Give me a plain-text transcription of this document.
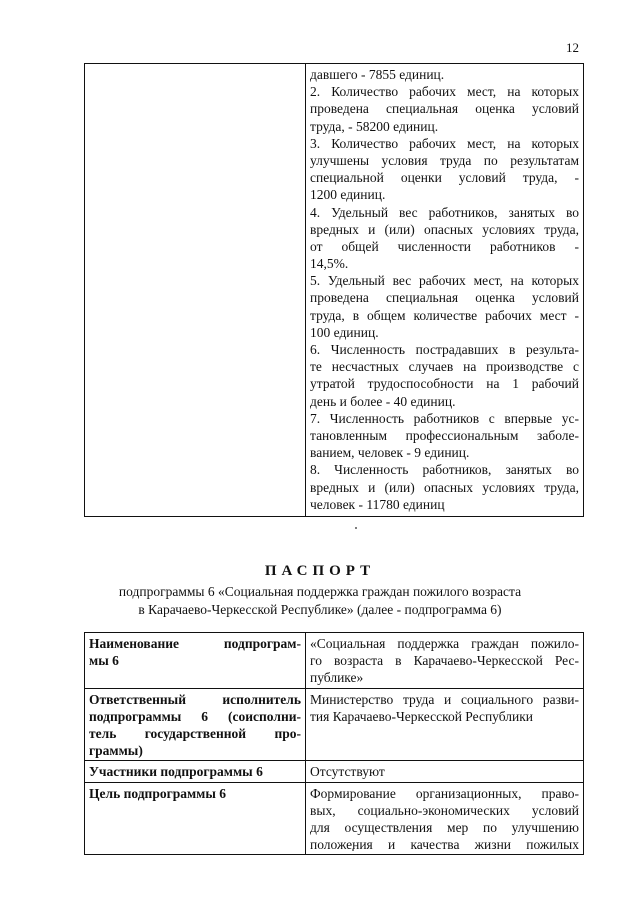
12

давшего - 7855 единиц.
2. Количество рабочих мест, на которых
проведена специальная оценка условий
труда, - 58200 единиц.
3. Количество рабочих мест, на которых
улучшены условия труда по результатам
специальной оценки условий труда, -
1200 единиц.
4. Удельный вес работников, занятых во
вредных и (или) опасных условиях труда,
от общей численности работников -
14,5%.
5. Удельный вес рабочих мест, на которых
проведена специальная оценка условий
труда, в общем количестве рабочих мест -
100 единиц.
6. Численность пострадавших в результа-
те несчастных случаев на производстве с
утратой трудоспособности на 1 рабочий
день и более - 40 единиц.
7. Численность работников с впервые ус-
тановленным профессиональным заболе-
ванием, человек - 9 единиц.
8. Численность работников, занятых во
вредных и (или) опасных условиях труда,
человек - 11780 единиц
ПАСПОРТ
подпрограммы 6 «Социальная поддержка граждан пожилого возраста
в Карачаево-Черкесской Республике» (далее - подпрограмма 6)
Наименование подпрограм-
мы 6	«Социальная поддержка граждан пожило-
го возраста в Карачаево-Черкесской Рес-
публике»

Ответственный исполнитель
подпрограммы 6 (соисполни-
тель государственной про-
граммы)	Министерство труда и социального разви-
тия Карачаево-Черкесской Республики

Участники подпрограммы 6	Отсутствуют

Цель подпрограммы 6	Формирование организационных, право-
вых, социально-экономических условий
для осуществления мер по улучшению
положения и качества жизни пожилых
